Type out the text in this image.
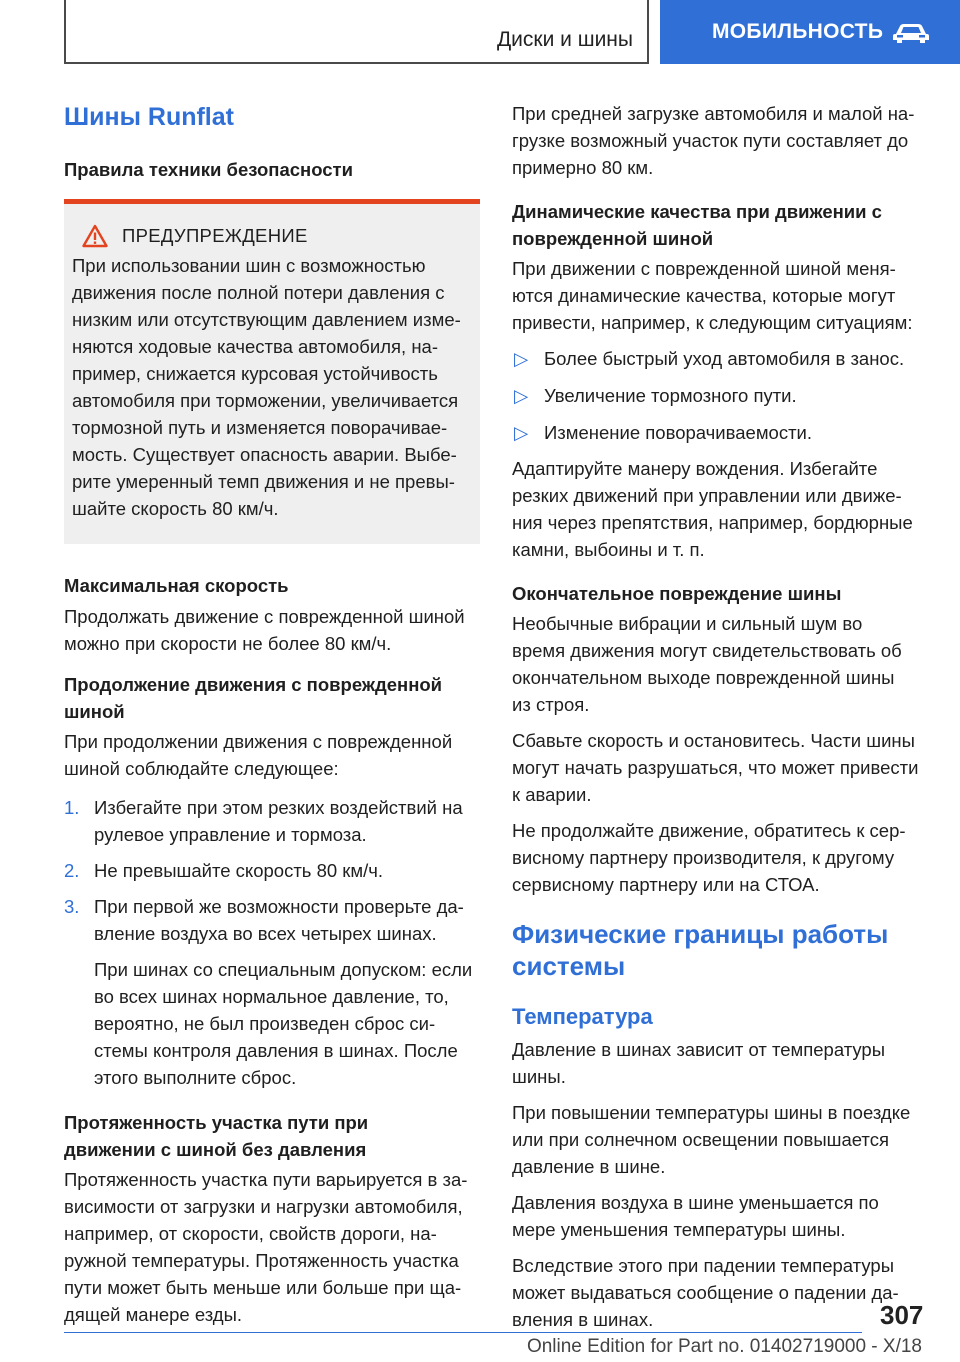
Диски и шины	МОБИЛЬНОСТЬ
Шины Runflat
Правила техники безопасности
ПРЕДУПРЕЖДЕНИЕ

При использовании шин с возможностью

движения после полной потери давления с

низким или отсутствующим давлением изме-

няются ходовые качества автомобиля, на-

пример, снижается курсовая устойчивость

автомобиля при торможении, увеличивается

тормозной путь и изменяется поворачивае-

мость. Существует опасность аварии. Выбе-

рите умеренный темп движения и не превы-

шайте скорость 80 км/ч.

Максимальная скорость

Продолжать движение с поврежденной шиной

можно при скорости не более 80 км/ч.

Продолжение движения с поврежденной
шиной

При продолжении движения с поврежденной

шиной соблюдайте следующее:

1. Избегайте при этом резких воздействий на

рулевое управление и тормоза.

2. Не превышайте скорость 80 км/ч.

3. При первой же возможности проверьте да-

вление воздуха во всех четырех шинах.

При шинах со специальным допуском: если

во всех шинах нормальное давление, то,

вероятно, не был произведен сброс си-

стемы контроля давления в шинах. После

этого выполните сброс.

Протяженность участка пути при
движении с шиной без давления

Протяженность участка пути варьируется в за-

висимости от загрузки и нагрузки автомобиля,

например, от скорости, свойств дороги, на-

ружной температуры. Протяженность участка

пути может быть меньше или больше при ща-

дящей манере езды.

При средней загрузке автомобиля и малой на-

грузке возможный участок пути составляет до

примерно 80 км.

Динамические качества при движении с
поврежденной шиной

При движении с поврежденной шиной меня-

ются динамические качества, которые могут

привести, например, к следующим ситуациям:

▷ Более быстрый уход автомобиля в занос.

▷ Увеличение тормозного пути.

▷ Изменение поворачиваемости.

Адаптируйте манеру вождения. Избегайте

резких движений при управлении или движе-

ния через препятствия, например, бордюрные

камни, выбоины и т. п.

Окончательное повреждение шины

Необычные вибрации и сильный шум во

время движения могут свидетельствовать об

окончательном выходе поврежденной шины

из строя.

Сбавьте скорость и остановитесь. Части шины

могут начать разрушаться, что может привести

к аварии.

Не продолжайте движение, обратитесь к сер-

висному партнеру производителя, к другому

сервисному партнеру или на СТОА.

Физические границы работы
системы
Температура

Давление в шинах зависит от температуры

шины.

При повышении температуры шины в поездке

или при солнечном освещении повышается

давление в шине.

Давления воздуха в шине уменьшается по

мере уменьшения температуры шины.

Вследствие этого при падении температуры

может выдаваться сообщение о падении да-

вления в шинах.	307
Online Edition for Part no. 01402719000 - X/18
